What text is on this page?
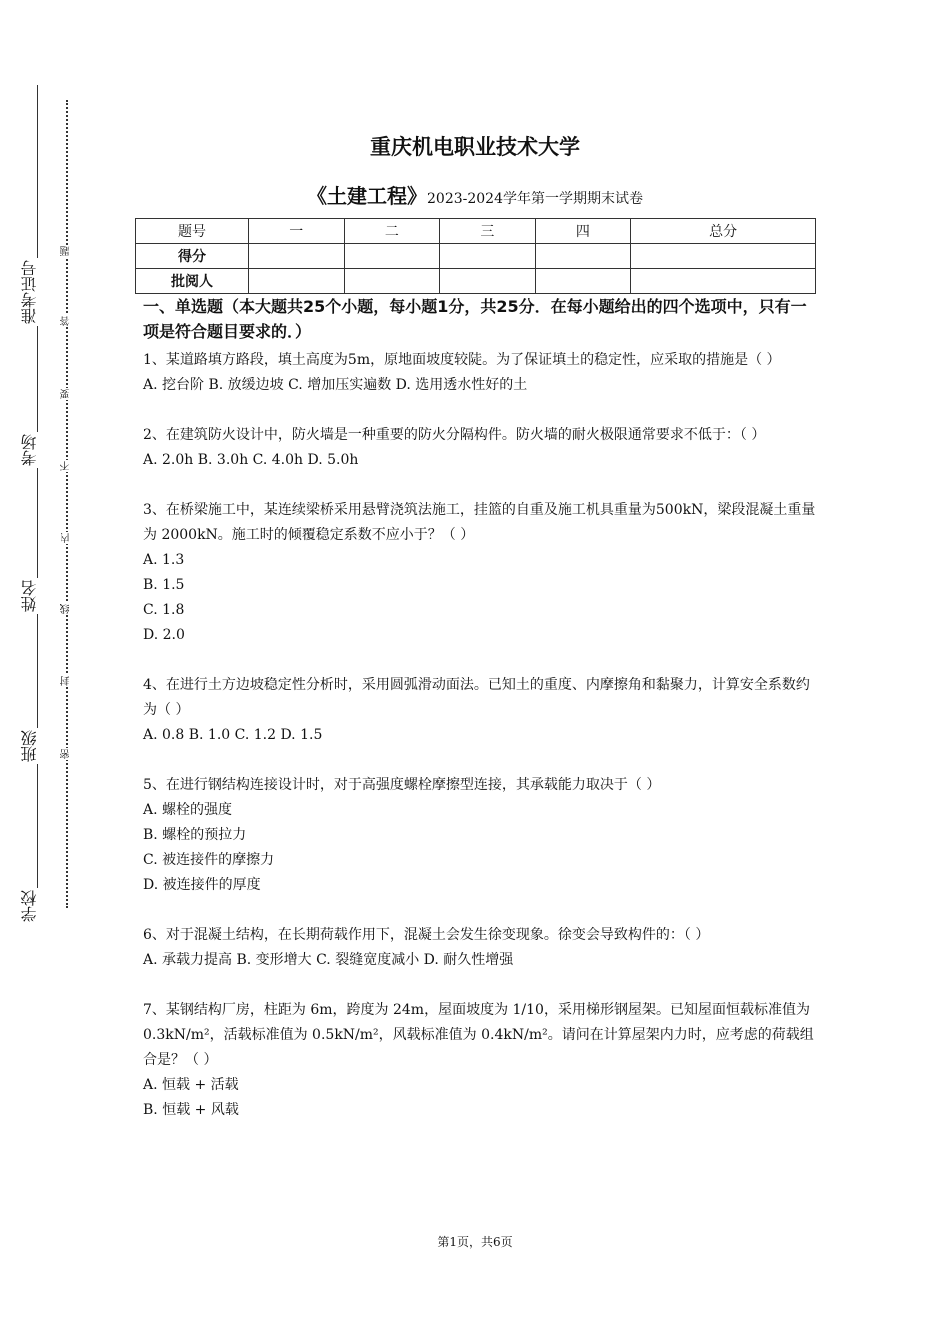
准考证号
考场
姓名
班级
学校
题
答
要
不
内
线
封
密
重庆机电职业技术大学
《土建工程》2023-2024学年第一学期期末试卷
题号	一	二	三	四	总分
得分					
批阅人					

一、单选题（本大题共25个小题，每小题1分，共25分．在每小题给出的四个选项中，只有一项是符合题目要求的．）

1、某道路填方路段，填土高度为5m，原地面坡度较陡。为了保证填土的稳定性，应采取的措施是（ ）

A. 挖台阶 B. 放缓边坡 C. 增加压实遍数 D. 选用透水性好的土

2、在建筑防火设计中，防火墙是一种重要的防火分隔构件。防火墙的耐火极限通常要求不低于：（ ）

A. 2.0h B. 3.0h C. 4.0h D. 5.0h

3、在桥梁施工中，某连续梁桥采用悬臂浇筑法施工，挂篮的自重及施工机具重量为500kN，梁段混凝土重量为 2000kN。施工时的倾覆稳定系数不应小于？（ ）

A. 1.3

B. 1.5

C. 1.8

D. 2.0

4、在进行土方边坡稳定性分析时，采用圆弧滑动面法。已知土的重度、内摩擦角和黏聚力，计算安全系数约为（ ）

A. 0.8 B. 1.0 C. 1.2 D. 1.5

5、在进行钢结构连接设计时，对于高强度螺栓摩擦型连接，其承载能力取决于（ ）

A. 螺栓的强度

B. 螺栓的预拉力

C. 被连接件的摩擦力

D. 被连接件的厚度

6、对于混凝土结构，在长期荷载作用下，混凝土会发生徐变现象。徐变会导致构件的：（ ）

A. 承载力提高 B. 变形增大 C. 裂缝宽度减小 D. 耐久性增强

7、某钢结构厂房，柱距为 6m，跨度为 24m，屋面坡度为 1/10，采用梯形钢屋架。已知屋面恒载标准值为 0.3kN/m²，活载标准值为 0.5kN/m²，风载标准值为 0.4kN/m²。请问在计算屋架内力时，应考虑的荷载组合是？（ ）

A. 恒载 + 活载

B. 恒载 + 风载

第1页，共6页
